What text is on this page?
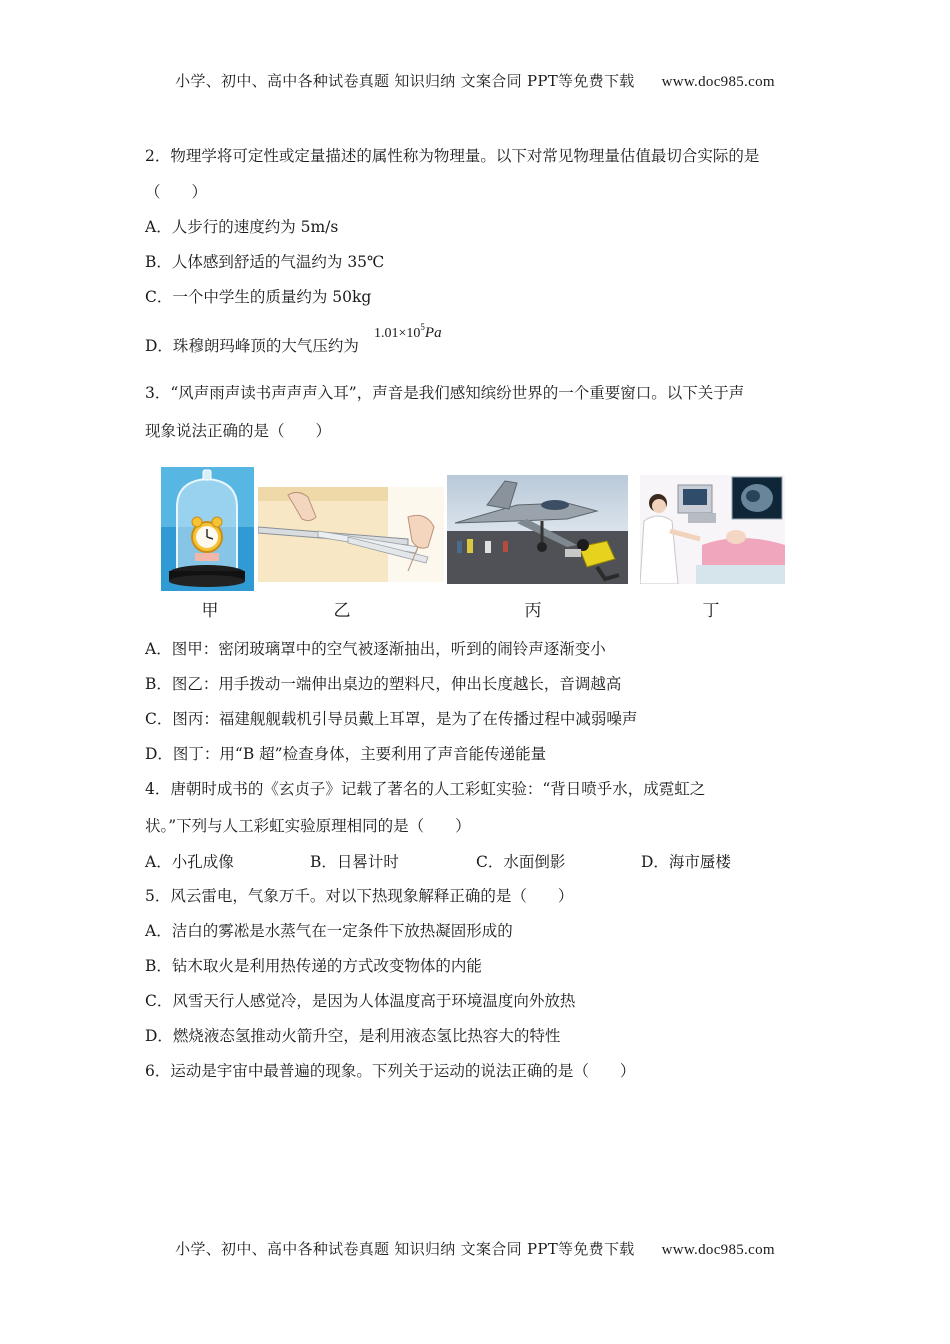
小学、初中、高中各种试卷真题 知识归纳 文案合同 PPT等免费下载 www.doc985.com
2．物理学将可定性或定量描述的属性称为物理量。以下对常见物理量估值最切合实际的是
（　　）
A．人步行的速度约为 5m/s
B．人体感到舒适的气温约为 35℃
C．一个中学生的质量约为 50kg
D．珠穆朗玛峰顶的大气压约为
$1.01\times 10^5Pa$
3．“风声雨声读书声声声入耳”，声音是我们感知缤纷世界的一个重要窗口。以下关于声
现象说法正确的是（　　）
甲	乙	丙	丁
A．图甲：密闭玻璃罩中的空气被逐渐抽出，听到的闹铃声逐渐变小
B．图乙：用手拨动一端伸出桌边的塑料尺，伸出长度越长，音调越高
C．图丙：福建舰舰载机引导员戴上耳罩，是为了在传播过程中减弱噪声
D．图丁：用“B 超”检查身体，主要利用了声音能传递能量
4．唐朝时成书的《玄贞子》记载了著名的人工彩虹实验：“背日喷乎水，成霓虹之
状。”下列与人工彩虹实验原理相同的是（　　）
A．小孔成像	B．日晷计时	C．水面倒影	D．海市蜃楼
5．风云雷电，气象万千。对以下热现象解释正确的是（　　）
A．洁白的雾凇是水蒸气在一定条件下放热凝固形成的
B．钻木取火是利用热传递的方式改变物体的内能
C．风雪天行人感觉冷，是因为人体温度高于环境温度向外放热
D．燃烧液态氢推动火箭升空，是利用液态氢比热容大的特性
6．运动是宇宙中最普遍的现象。下列关于运动的说法正确的是（　　）
小学、初中、高中各种试卷真题 知识归纳 文案合同 PPT等免费下载 www.doc985.com
